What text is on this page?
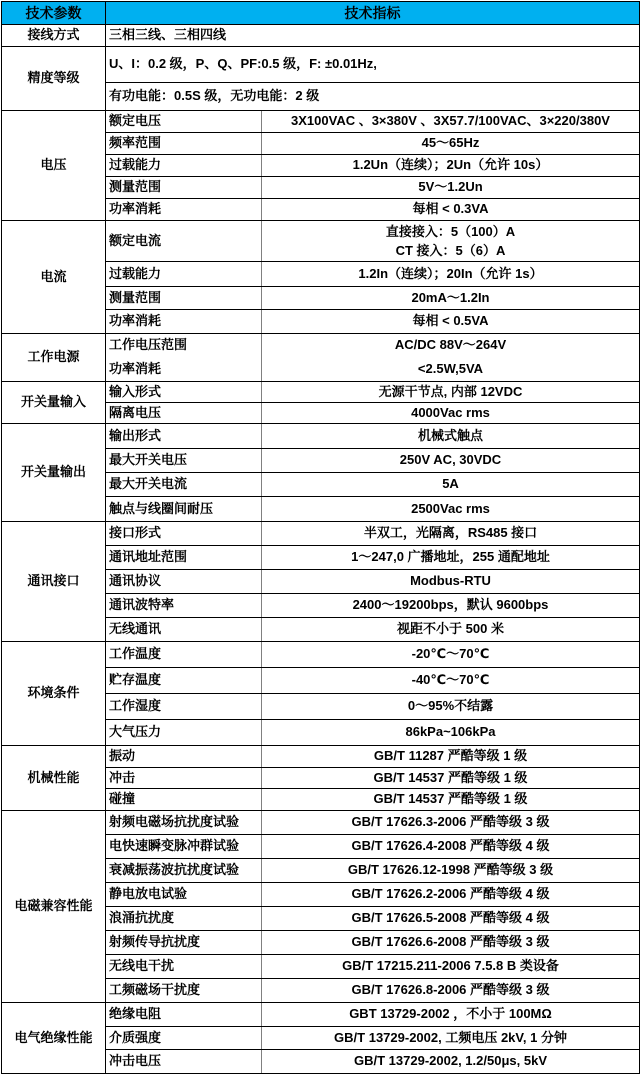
技术参数	技术指标	
接线方式	三相三线、三相四线	
精度等级	U、I：0.2 级，P、Q、PF:0.5 级，F: ±0.01Hz,	
	有功电能：0.5S 级，无功电能：2 级	
电压	额定电压	3X100VAC 、3×380V 、3X57.7/100VAC、3×220/380V
	频率范围	45～65Hz
	过载能力	1.2Un（连续）；2Un（允许 10s）
	测量范围	5V～1.2Un
	功率消耗	每相 < 0.3VA
电流	额定电流	直接接入：5（100）A
CT 接入：5（6）A

	过载能力	1.2In（连续）；20In（允许 1s）
	测量范围	20mA～1.2In
	功率消耗	每相 < 0.5VA
工作电源	工作电压范围	AC/DC 88V～264V
	功率消耗	<2.5W,5VA
开关量输入	输入形式	无源干节点, 内部 12VDC
	隔离电压	4000Vac rms
开关量输出	输出形式	机械式触点
	最大开关电压	250V AC, 30VDC
	最大开关电流	5A
	触点与线圈间耐压	2500Vac rms
通讯接口	接口形式	半双工，光隔离，RS485 接口
	通讯地址范围	1～247,0 广播地址，255 通配地址
	通讯协议	Modbus-RTU
	通讯波特率	2400～19200bps，默认 9600bps
	无线通讯	视距不小于 500 米
环境条件	工作温度	-20℃～70℃
	贮存温度	-40℃～70℃
	工作湿度	0～95%不结露
	大气压力	86kPa~106kPa
机械性能	振动	GB/T 11287 严酷等级 1 级
	冲击	GB/T 14537 严酷等级 1 级
	碰撞	GB/T 14537 严酷等级 1 级
电磁兼容性能	射频电磁场抗扰度试验	GB/T 17626.3-2006 严酷等级 3 级
	电快速瞬变脉冲群试验	GB/T 17626.4-2008 严酷等级 4 级
	衰减振荡波抗扰度试验	GB/T 17626.12-1998 严酷等级 3 级
	静电放电试验	GB/T 17626.2-2006 严酷等级 4 级
	浪涌抗扰度	GB/T 17626.5-2008 严酷等级 4 级
	射频传导抗扰度	GB/T 17626.6-2008 严酷等级 3 级
	无线电干扰	GB/T 17215.211-2006 7.5.8 B 类设备
	工频磁场干扰度	GB/T 17626.8-2006 严酷等级 3 级
电气绝缘性能	绝缘电阻	GBT 13729-2002 ，不小于 100MΩ
	介质强度	GB/T 13729-2002, 工频电压 2kV, 1 分钟
	冲击电压	GB/T 13729-2002, 1.2/50μs, 5kV
